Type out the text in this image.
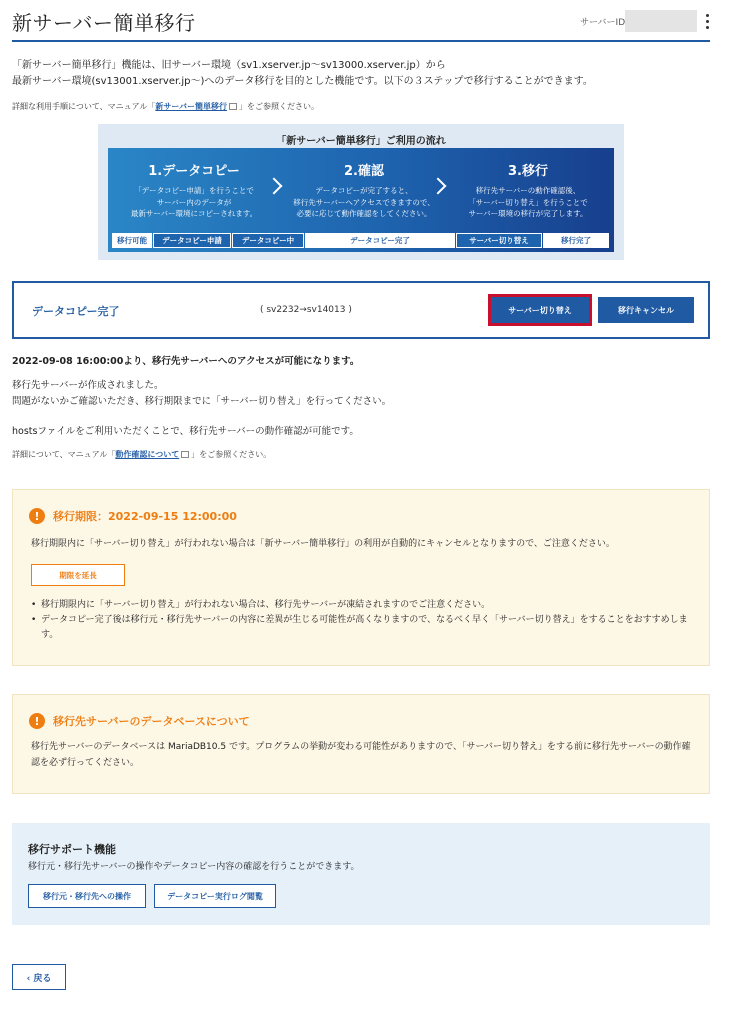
新サーバー簡単移行	サーバーID
「新サーバー簡単移行」機能は、旧サーバー環境（sv1.xserver.jp〜sv13000.xserver.jp）から
最新サーバー環境(sv13001.xserver.jp〜)へのデータ移行を目的とした機能です。以下の３ステップで移行することができます。
詳細な利用手順について、マニュアル「新サーバー簡単移行 」をご参照ください。
「新サーバー簡単移行」ご利用の流れ
1.データコピー
「データコピー申請」を行うことで
サーバー内のデータが
最新サーバー環境にコピーされます。
2.確認
データコピーが完了すると、
移行先サーバーへアクセスできますので、
必要に応じて動作確認をしてください。
3.移行
移行先サーバーの動作確認後、
「サーバー切り替え」を行うことで
サーバー環境の移行が完了します。
移行可能	データコピー申請	データコピー中	データコピー完了	サーバー切り替え	移行完了
データコピー完了	( sv2232→sv14013 )	サーバー切り替え	移行キャンセル
2022-09-08 16:00:00より、移行先サーバーへのアクセスが可能になります。
移行先サーバーが作成されました。
問題がないかご確認いただき、移行期限までに「サーバー切り替え」を行ってください。
hostsファイルをご利用いただくことで、移行先サーバーの動作確認が可能です。
詳細について、マニュアル「動作確認について 」をご参照ください。
!	移行期限：2022-09-15 12:00:00
移行期限内に「サーバー切り替え」が行われない場合は「新サーバー簡単移行」の利用が自動的にキャンセルとなりますので、ご注意ください。
期限を延長
• 移行期限内に「サーバー切り替え」が行われない場合は、移行先サーバーが凍結されますのでご注意ください。
• データコピー完了後は移行元・移行先サーバーの内容に差異が生じる可能性が高くなりますので、なるべく早く「サーバー切り替え」をすることをおすすめします。
!	移行先サーバーのデータベースについて
移行先サーバーのデータベースは MariaDB10.5 です。プログラムの挙動が変わる可能性がありますので、「サーバー切り替え」をする前に移行先サーバーの動作確認を必ず行ってください。
移行サポート機能
移行元・移行先サーバーの操作やデータコピー内容の確認を行うことができます。
移行元・移行先への操作	データコピー実行ログ閲覧
‹ 戻る
